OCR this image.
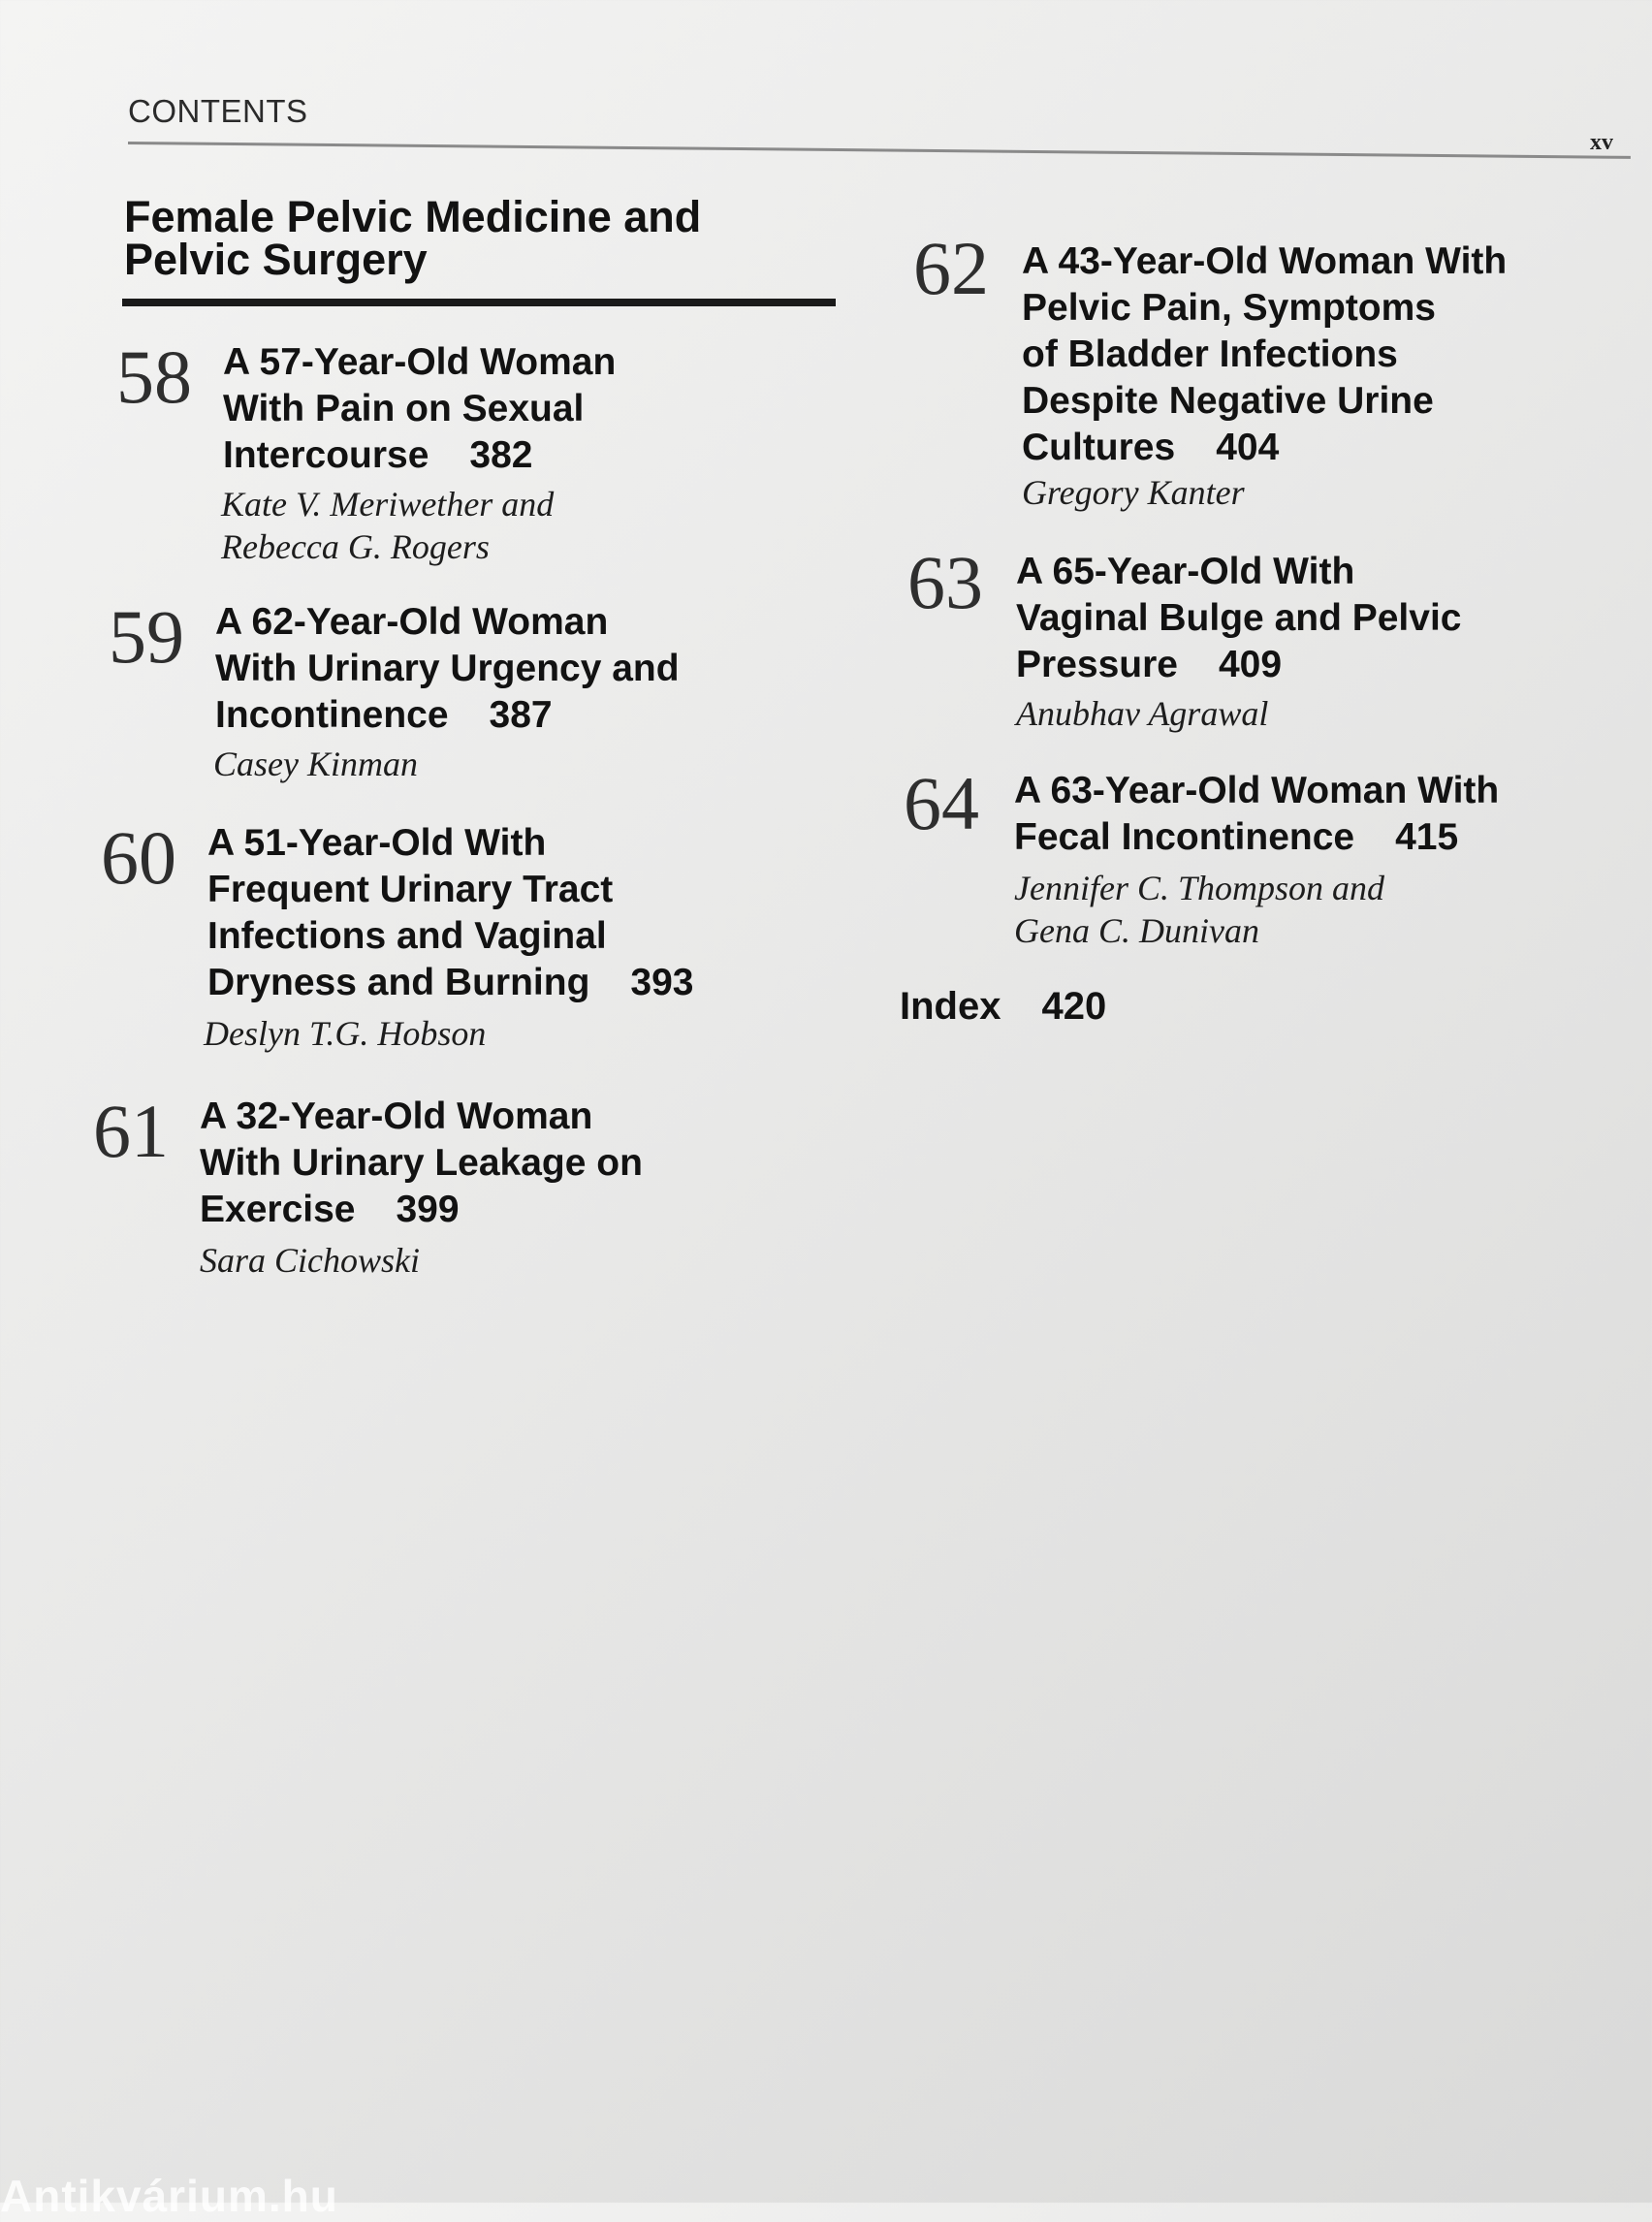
CONTENTS
xv
Female Pelvic Medicine and
Pelvic Surgery
58 A 57-Year-Old Woman
With Pain on Sexual
Intercourse 382
Kate V. Meriwether and
Rebecca G. Rogers
59 A 62-Year-Old Woman
With Urinary Urgency and
Incontinence 387
Casey Kinman
60 A 51-Year-Old With
Frequent Urinary Tract
Infections and Vaginal
Dryness and Burning 393
Deslyn T.G. Hobson
61 A 32-Year-Old Woman
With Urinary Leakage on
Exercise 399
Sara Cichowski
62 A 43-Year-Old Woman With
Pelvic Pain, Symptoms
of Bladder Infections
Despite Negative Urine
Cultures 404
Gregory Kanter
63 A 65-Year-Old With
Vaginal Bulge and Pelvic
Pressure 409
Anubhav Agrawal
64 A 63-Year-Old Woman With
Fecal Incontinence 415
Jennifer C. Thompson and
Gena C. Dunivan
Index 420
Antikvárium.hu
